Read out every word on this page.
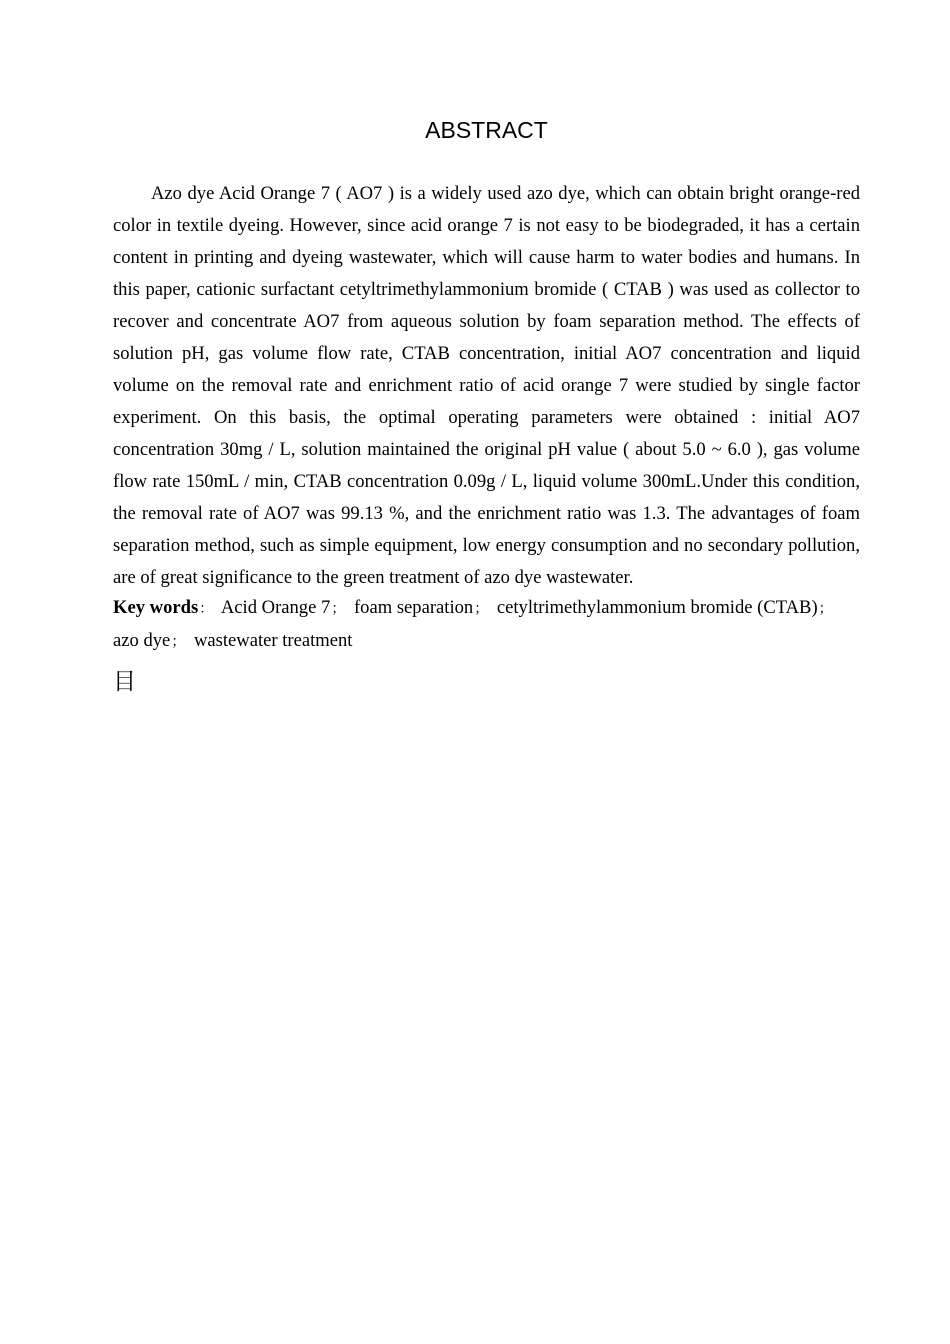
ABSTRACT

Azo dye Acid Orange 7 ( AO7 ) is a widely used azo dye, which can obtain bright orange-red color in textile dyeing. However, since acid orange 7 is not easy to be biodegraded, it has a certain content in printing and dyeing wastewater, which will cause harm to water bodies and humans. In this paper, cationic surfactant cetyltrimethylammonium bromide ( CTAB ) was used as collector to recover and concentrate AO7 from aqueous solution by foam separation method. The effects of solution pH, gas volume flow rate, CTAB concentration, initial AO7 concentration and liquid volume on the removal rate and enrichment ratio of acid orange 7 were studied by single factor experiment. On this basis, the optimal operating parameters were obtained : initial AO7 concentration 30mg / L, solution maintained the original pH value ( about 5.0 ~ 6.0 ), gas volume flow rate 150mL / min, CTAB concentration 0.09g / L, liquid volume 300mL.Under this condition, the removal rate of AO7 was 99.13 %, and the enrichment ratio was 1.3. The advantages of foam separation method, such as simple equipment, low energy consumption and no secondary pollution, are of great significance to the green treatment of azo dye wastewater.

Key words： Acid Orange 7； foam separation； cetyltrimethylammonium bromide (CTAB)； azo dye； wastewater treatment

目
